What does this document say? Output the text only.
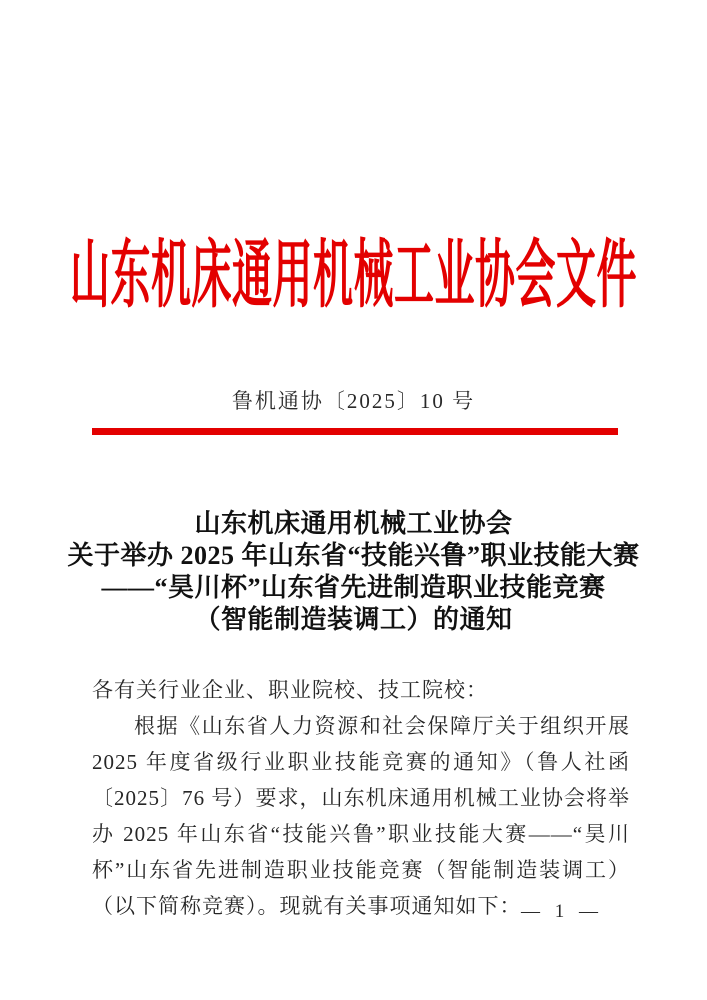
山东机床通用机械工业协会文件
鲁机通协〔2025〕10 号
山东机床通用机械工业协会
关于举办 2025 年山东省“技能兴鲁”职业技能大赛
——“昊川杯”山东省先进制造职业技能竞赛
（智能制造装调工）的通知
各有关行业企业、职业院校、技工院校：
根据《山东省人力资源和社会保障厅关于组织开展 2025 年度省级行业职业技能竞赛的通知》（鲁人社函〔2025〕76 号）要求，山东机床通用机械工业协会将举办 2025 年山东省“技能兴鲁”职业技能大赛——“昊川杯”山东省先进制造职业技能竞赛（智能制造装调工）（以下简称竞赛）。现就有关事项通知如下： — 1 —
